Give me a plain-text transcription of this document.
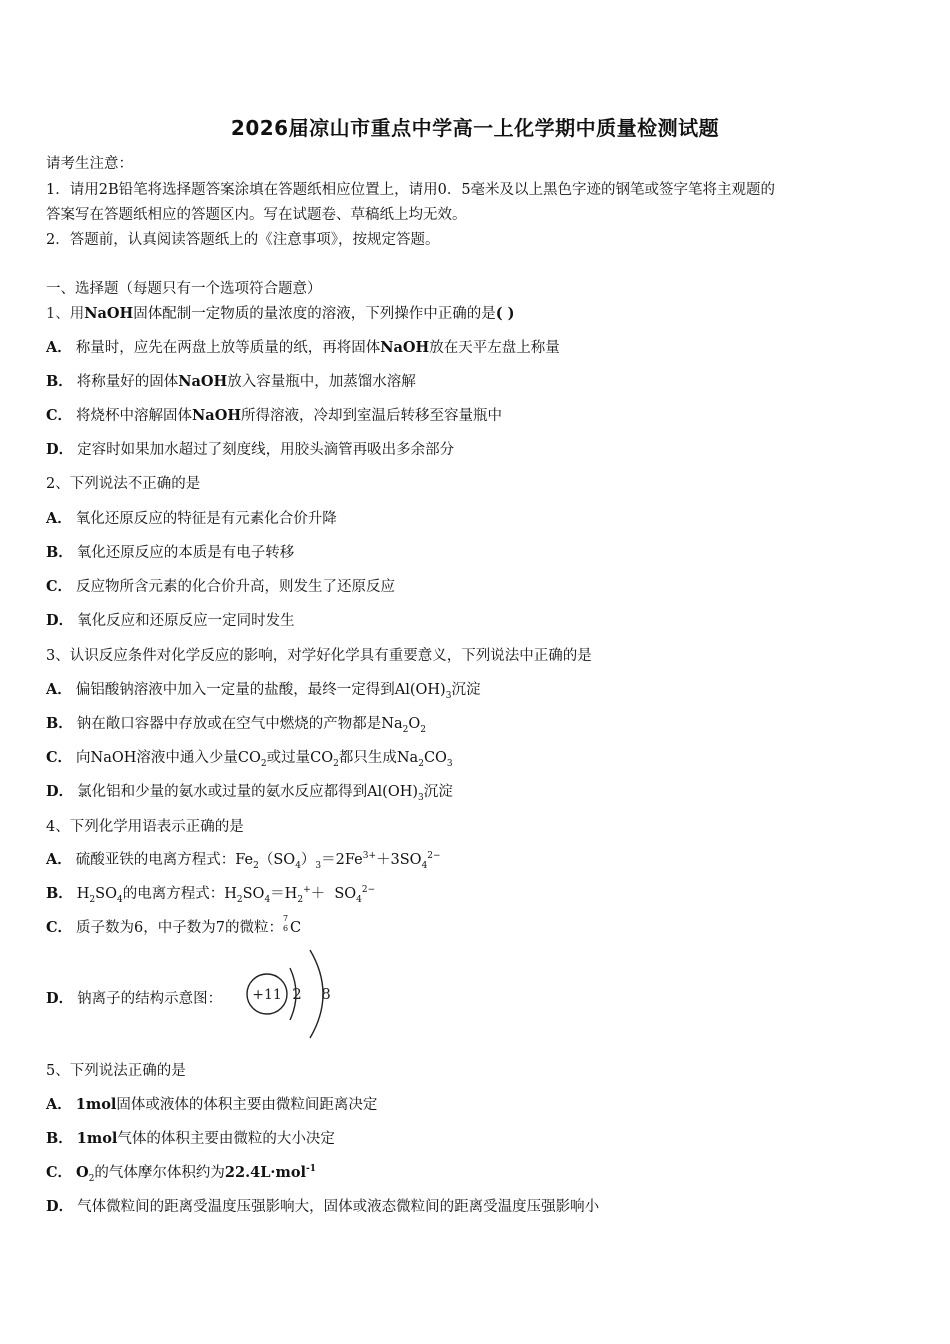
2026届凉山市重点中学高一上化学期中质量检测试题
请考生注意：
1．请用2B铅笔将选择题答案涂填在答题纸相应位置上，请用0．5毫米及以上黑色字迹的钢笔或签字笔将主观题的
答案写在答题纸相应的答题区内。写在试题卷、草稿纸上均无效。
2．答题前，认真阅读答题纸上的《注意事项》，按规定答题。
一、选择题（每题只有一个选项符合题意）
1、用NaOH固体配制一定物质的量浓度的溶液，下列操作中正确的是( )
A． 称量时，应先在两盘上放等质量的纸，再将固体NaOH放在天平左盘上称量
B． 将称量好的固体NaOH放入容量瓶中，加蒸馏水溶解
C． 将烧杯中溶解固体NaOH所得溶液，冷却到室温后转移至容量瓶中
D． 定容时如果加水超过了刻度线，用胶头滴管再吸出多余部分
2、下列说法不正确的是
A． 氧化还原反应的特征是有元素化合价升降
B． 氧化还原反应的本质是有电子转移
C． 反应物所含元素的化合价升高，则发生了还原反应
D． 氧化反应和还原反应一定同时发生
3、认识反应条件对化学反应的影响，对学好化学具有重要意义，下列说法中正确的是
A． 偏铝酸钠溶液中加入一定量的盐酸，最终一定得到$Al(OH)_3$沉淀
B． 钠在敞口容器中存放或在空气中燃烧的产物都是$Na_2O_2$
C． 向NaOH溶液中通入少量$CO_2$或过量$CO_2$都只生成$Na_2CO_3$
D． 氯化铝和少量的氨水或过量的氨水反应都得到$Al(OH)_3$沉淀
4、下列化学用语表示正确的是
A． 硫酸亚铁的电离方程式：$Fe_2(SO_4)_3=2Fe^{3+}+3SO_4^{2-}$
B． $H_2SO_4$的电离方程式：$H_2SO_4=H_2^++ SO_4^{2-}$
C． 质子数为6，中子数为7的微粒：
7
6 C
D． 钠离子的结构示意图： +11 2 8
5、下列说法正确的是
A． 1mol固体或液体的体积主要由微粒间距离决定
B． 1mol气体的体积主要由微粒的大小决定
C． $O_2$的气体摩尔体积约为22.4L·mol$^{-1}$
D． 气体微粒间的距离受温度压强影响大，固体或液态微粒间的距离受温度压强影响小
